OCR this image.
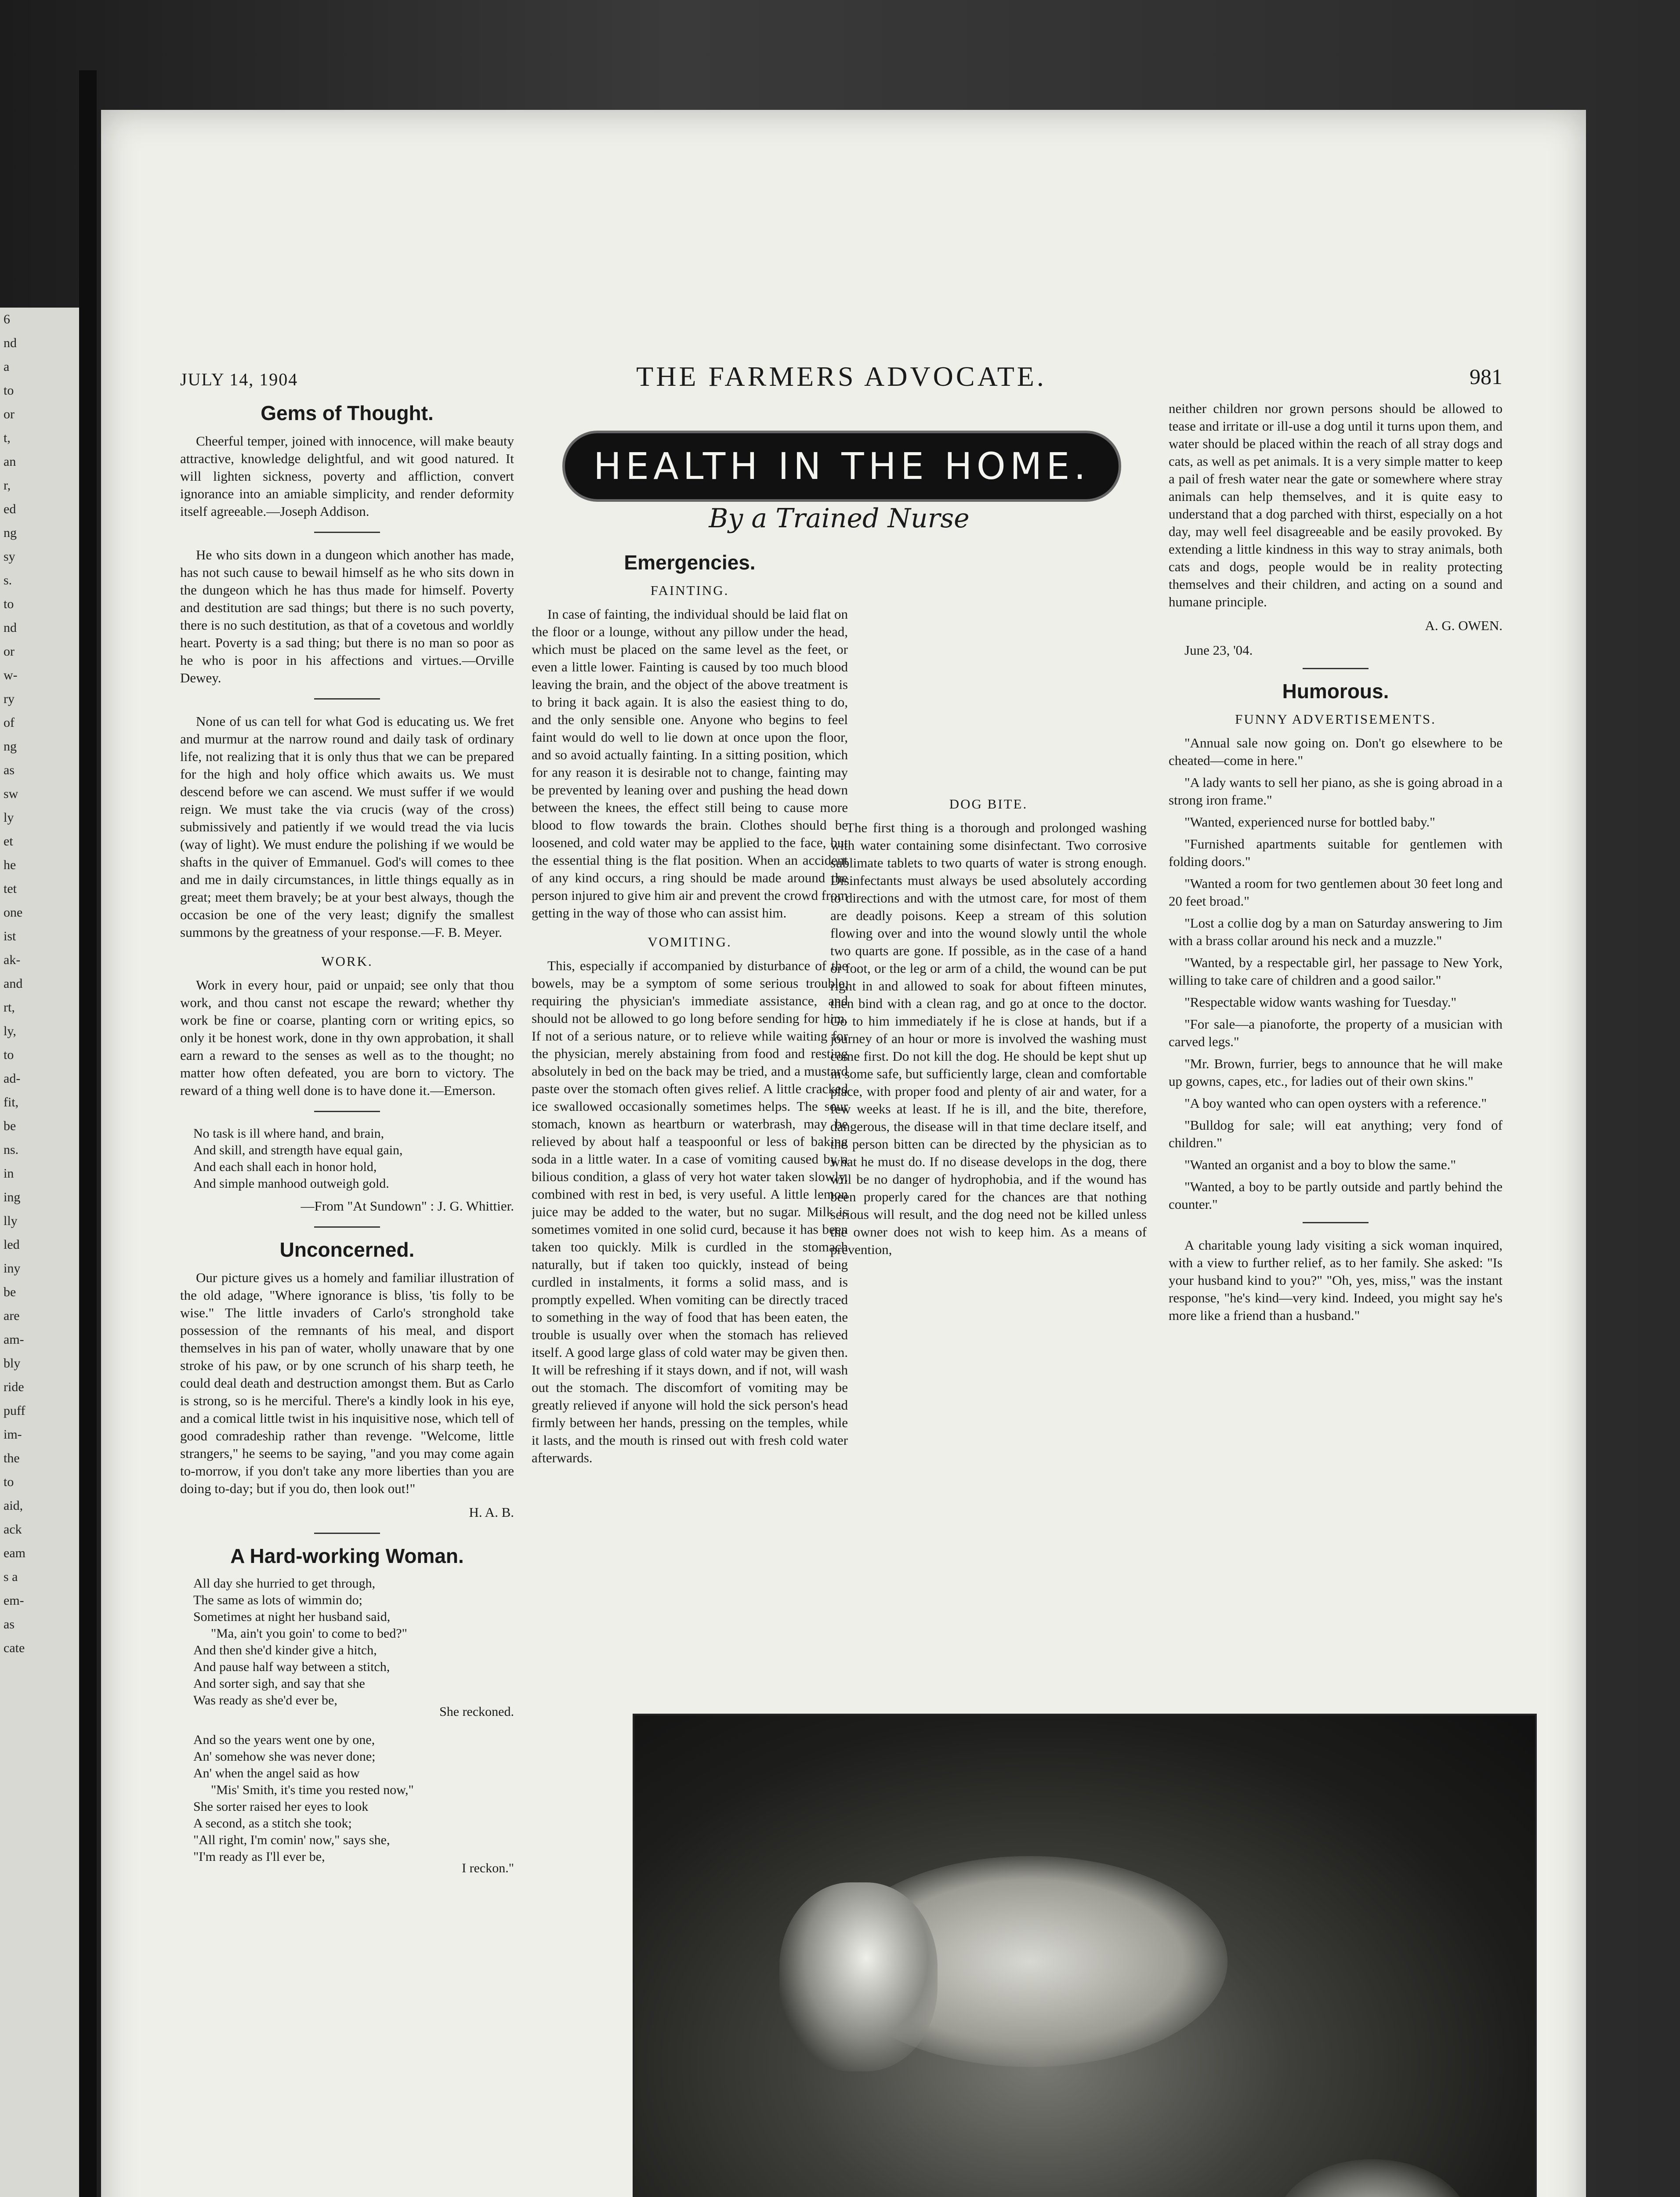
6
nd
a
to
or
t,
an
r,
ed
ng
sy
s.
to
nd
or
w-
ry
of
ng
as
sw
ly
et
he
tet
one
ist
ak-
and
rt,
ly,
to
ad-
fit,
be
ns.
in
ing
lly
led
iny
be
are
am-
bly
ride
puff
im-
the
to
aid,
ack
eam
s a
em-
as
cate
JULY 14, 1904	THE FARMERS ADVOCATE.	981
Gems of Thought.

Cheerful temper, joined with innocence, will make beauty attractive, knowledge delightful, and wit good natured. It will lighten sickness, poverty and affliction, convert ignorance into an amiable simplicity, and render deformity itself agreeable.—Joseph Addison.

He who sits down in a dungeon which another has made, has not such cause to bewail himself as he who sits down in the dungeon which he has thus made for himself. Poverty and destitution are sad things; but there is no such poverty, there is no such destitution, as that of a covetous and worldly heart. Poverty is a sad thing; but there is no man so poor as he who is poor in his affections and virtues.—Orville Dewey.

None of us can tell for what God is educating us. We fret and murmur at the narrow round and daily task of ordinary life, not realizing that it is only thus that we can be prepared for the high and holy office which awaits us. We must descend before we can ascend. We must suffer if we would reign. We must take the via crucis (way of the cross) submissively and patiently if we would tread the via lucis (way of light). We must endure the polishing if we would be shafts in the quiver of Emmanuel. God's will comes to thee and me in daily circumstances, in little things equally as in great; meet them bravely; be at your best always, though the occasion be one of the very least; dignify the smallest summons by the greatness of your response.—F. B. Meyer.

WORK.

Work in every hour, paid or unpaid; see only that thou work, and thou canst not escape the reward; whether thy work be fine or coarse, planting corn or writing epics, so only it be honest work, done in thy own approbation, it shall earn a reward to the senses as well as to the thought; no matter how often defeated, you are born to victory. The reward of a thing well done is to have done it.—Emerson.

No task is ill where hand, and brain,
And skill, and strength have equal gain,
And each shall each in honor hold,
And simple manhood outweigh gold.
—From "At Sundown" : J. G. Whittier.
Unconcerned.

Our picture gives us a homely and familiar illustration of the old adage, "Where ignorance is bliss, 'tis folly to be wise." The little invaders of Carlo's stronghold take possession of the remnants of his meal, and disport themselves in his pan of water, wholly unaware that by one stroke of his paw, or by one scrunch of his sharp teeth, he could deal death and destruction amongst them. But as Carlo is strong, so is he merciful. There's a kindly look in his eye, and a comical little twist in his inquisitive nose, which tell of good comradeship rather than revenge. "Welcome, little strangers," he seems to be saying, "and you may come again to-morrow, if you don't take any more liberties than you are doing to-day; but if you do, then look out!"

H. A. B.
A Hard-working Woman.
All day she hurried to get through,
The same as lots of wimmin do;
Sometimes at night her husband said,
"Ma, ain't you goin' to come to bed?"
And then she'd kinder give a hitch,
And pause half way between a stitch,
And sorter sigh, and say that she
Was ready as she'd ever be,
She reckoned.
And so the years went one by one,
An' somehow she was never done;
An' when the angel said as how
"Mis' Smith, it's time you rested now,"
She sorter raised her eyes to look
A second, as a stitch she took;
"All right, I'm comin' now," says she,
"I'm ready as I'll ever be,
I reckon."
HEALTH IN THE HOME.
By a Trained Nurse
Emergencies.
FAINTING.

In case of fainting, the individual should be laid flat on the floor or a lounge, without any pillow under the head, which must be placed on the same level as the feet, or even a little lower. Fainting is caused by too much blood leaving the brain, and the object of the above treatment is to bring it back again. It is also the easiest thing to do, and the only sensible one. Anyone who begins to feel faint would do well to lie down at once upon the floor, and so avoid actually fainting. In a sitting position, which for any reason it is desirable not to change, fainting may be prevented by leaning over and pushing the head down between the knees, the effect still being to cause more blood to flow towards the brain. Clothes should be loosened, and cold water may be applied to the face, but the essential thing is the flat position. When an accident of any kind occurs, a ring should be made around the person injured to give him air and prevent the crowd from getting in the way of those who can assist him.

VOMITING.

This, especially if accompanied by disturbance of the bowels, may be a symptom of some serious trouble, requiring the physician's immediate assistance, and should not be allowed to go long before sending for him. If not of a serious nature, or to relieve while waiting for the physician, merely abstaining from food and resting absolutely in bed on the back may be tried, and a mustard paste over the stomach often gives relief. A little cracked ice swallowed occasionally sometimes helps. The sour stomach, known as heartburn or waterbrash, may be relieved by about half a teaspoonful or less of baking soda in a little water. In a case of vomiting caused by a bilious condition, a glass of very hot water taken slowly, combined with rest in bed, is very useful. A little lemon juice may be added to the water, but no sugar. Milk is sometimes vomited in one solid curd, because it has been taken too quickly. Milk is curdled in the stomach naturally, but if taken too quickly, instead of being curdled in instalments, it forms a solid mass, and is promptly expelled. When vomiting can be directly traced to something in the way of food that has been eaten, the trouble is usually over when the stomach has relieved itself. A good large glass of cold water may be given then. It will be refreshing if it stays down, and if not, will wash out the stomach. The discomfort of vomiting may be greatly relieved if anyone will hold the sick person's head firmly between her hands, pressing on the temples, while it lasts, and the mouth is rinsed out with fresh cold water afterwards.

DOG BITE.

The first thing is a thorough and prolonged washing with water containing some disinfectant. Two corrosive sublimate tablets to two quarts of water is strong enough. Disinfectants must always be used absolutely according to directions and with the utmost care, for most of them are deadly poisons. Keep a stream of this solution flowing over and into the wound slowly until the whole two quarts are gone. If possible, as in the case of a hand or foot, or the leg or arm of a child, the wound can be put right in and allowed to soak for about fifteen minutes, then bind with a clean rag, and go at once to the doctor. Go to him immediately if he is close at hands, but if a journey of an hour or more is involved the washing must come first. Do not kill the dog. He should be kept shut up in some safe, but sufficiently large, clean and comfortable place, with proper food and plenty of air and water, for a few weeks at least. If he is ill, and the bite, therefore, dangerous, the disease will in that time declare itself, and the person bitten can be directed by the physician as to what he must do. If no disease develops in the dog, there will be no danger of hydrophobia, and if the wound has been properly cared for the chances are that nothing serious will result, and the dog need not be killed unless the owner does not wish to keep him. As a means of prevention,

neither children nor grown persons should be allowed to tease and irritate or ill-use a dog until it turns upon them, and water should be placed within the reach of all stray dogs and cats, as well as pet animals. It is a very simple matter to keep a pail of fresh water near the gate or somewhere where stray animals can help themselves, and it is quite easy to understand that a dog parched with thirst, especially on a hot day, may well feel disagreeable and be easily provoked. By extending a little kindness in this way to stray animals, both cats and dogs, people would be in reality protecting themselves and their children, and acting on a sound and humane principle.

A. G. OWEN.
June 23, '04.
Humorous.
FUNNY ADVERTISEMENTS.

"Annual sale now going on. Don't go elsewhere to be cheated—come in here."

"A lady wants to sell her piano, as she is going abroad in a strong iron frame."

"Wanted, experienced nurse for bottled baby."

"Furnished apartments suitable for gentlemen with folding doors."

"Wanted a room for two gentlemen about 30 feet long and 20 feet broad."

"Lost a collie dog by a man on Saturday answering to Jim with a brass collar around his neck and a muzzle."

"Wanted, by a respectable girl, her passage to New York, willing to take care of children and a good sailor."

"Respectable widow wants washing for Tuesday."

"For sale—a pianoforte, the property of a musician with carved legs."

"Mr. Brown, furrier, begs to announce that he will make up gowns, capes, etc., for ladies out of their own skins."

"A boy wanted who can open oysters with a reference."

"Bulldog for sale; will eat anything; very fond of children."

"Wanted an organist and a boy to blow the same."

"Wanted, a boy to be partly outside and partly behind the counter."

A charitable young lady visiting a sick woman inquired, with a view to further relief, as to her family. She asked: "Is your husband kind to you?" "Oh, yes, miss," was the instant response, "he's kind—very kind. Indeed, you might say he's more like a friend than a husband."
